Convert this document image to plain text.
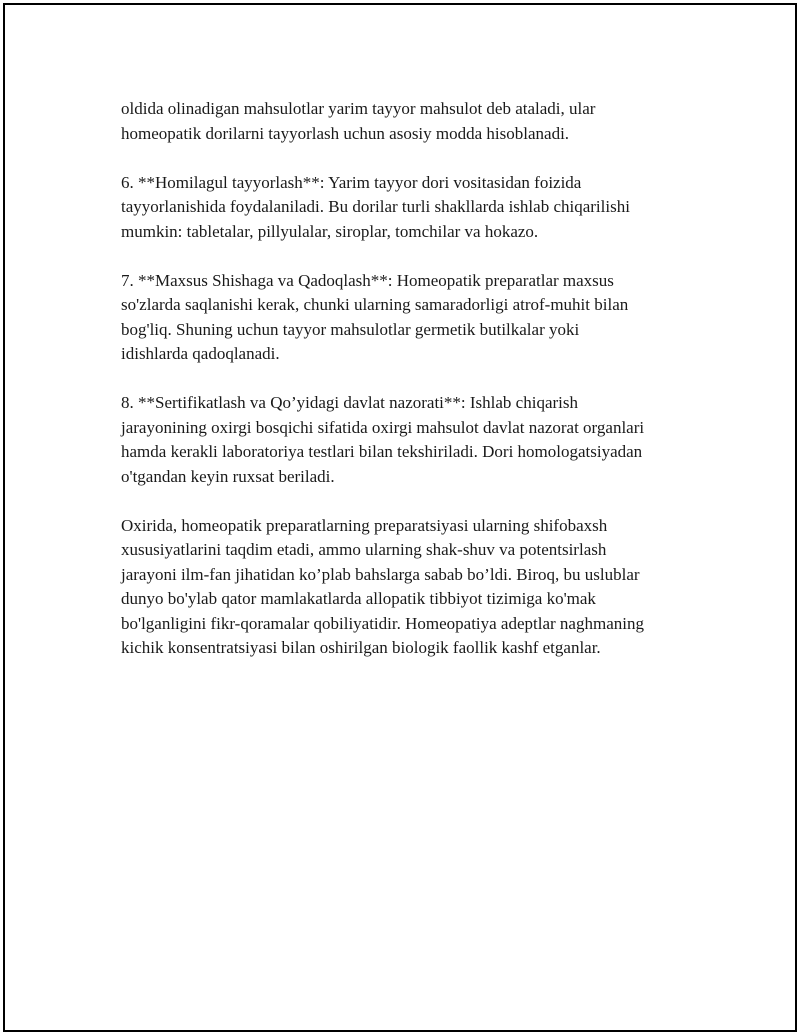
oldida olinadigan mahsulotlar yarim tayyor mahsulot deb ataladi, ular
homeopatik dorilarni tayyorlash uchun asosiy modda hisoblanadi.

6. **Homilagul tayyorlash**: Yarim tayyor dori vositasidan foizida
tayyorlanishida foydalaniladi. Bu dorilar turli shakllarda ishlab chiqarilishi
mumkin: tabletalar, pillyulalar, siroplar, tomchilar va hokazo.

7. **Maxsus Shishaga va Qadoqlash**: Homeopatik preparatlar maxsus
so'zlarda saqlanishi kerak, chunki ularning samaradorligi atrof-muhit bilan
bog'liq. Shuning uchun tayyor mahsulotlar germetik butilkalar yoki
idishlarda qadoqlanadi.

8. **Sertifikatlash va Qo’yidagi davlat nazorati**: Ishlab chiqarish
jarayonining oxirgi bosqichi sifatida oxirgi mahsulot davlat nazorat organlari
hamda kerakli laboratoriya testlari bilan tekshiriladi. Dori homologatsiyadan
o'tgandan keyin ruxsat beriladi.

Oxirida, homeopatik preparatlarning preparatsiyasi ularning shifobaxsh
xususiyatlarini taqdim etadi, ammo ularning shak-shuv va potentsirlash
jarayoni ilm-fan jihatidan ko’plab bahslarga sabab bo’ldi. Biroq, bu uslublar
dunyo bo'ylab qator mamlakatlarda allopatik tibbiyot tizimiga ko'mak
bo'lganligini fikr-qoramalar qobiliyatidir. Homeopatiya adeptlar naghmaning
kichik konsentratsiyasi bilan oshirilgan biologik faollik kashf etganlar.
